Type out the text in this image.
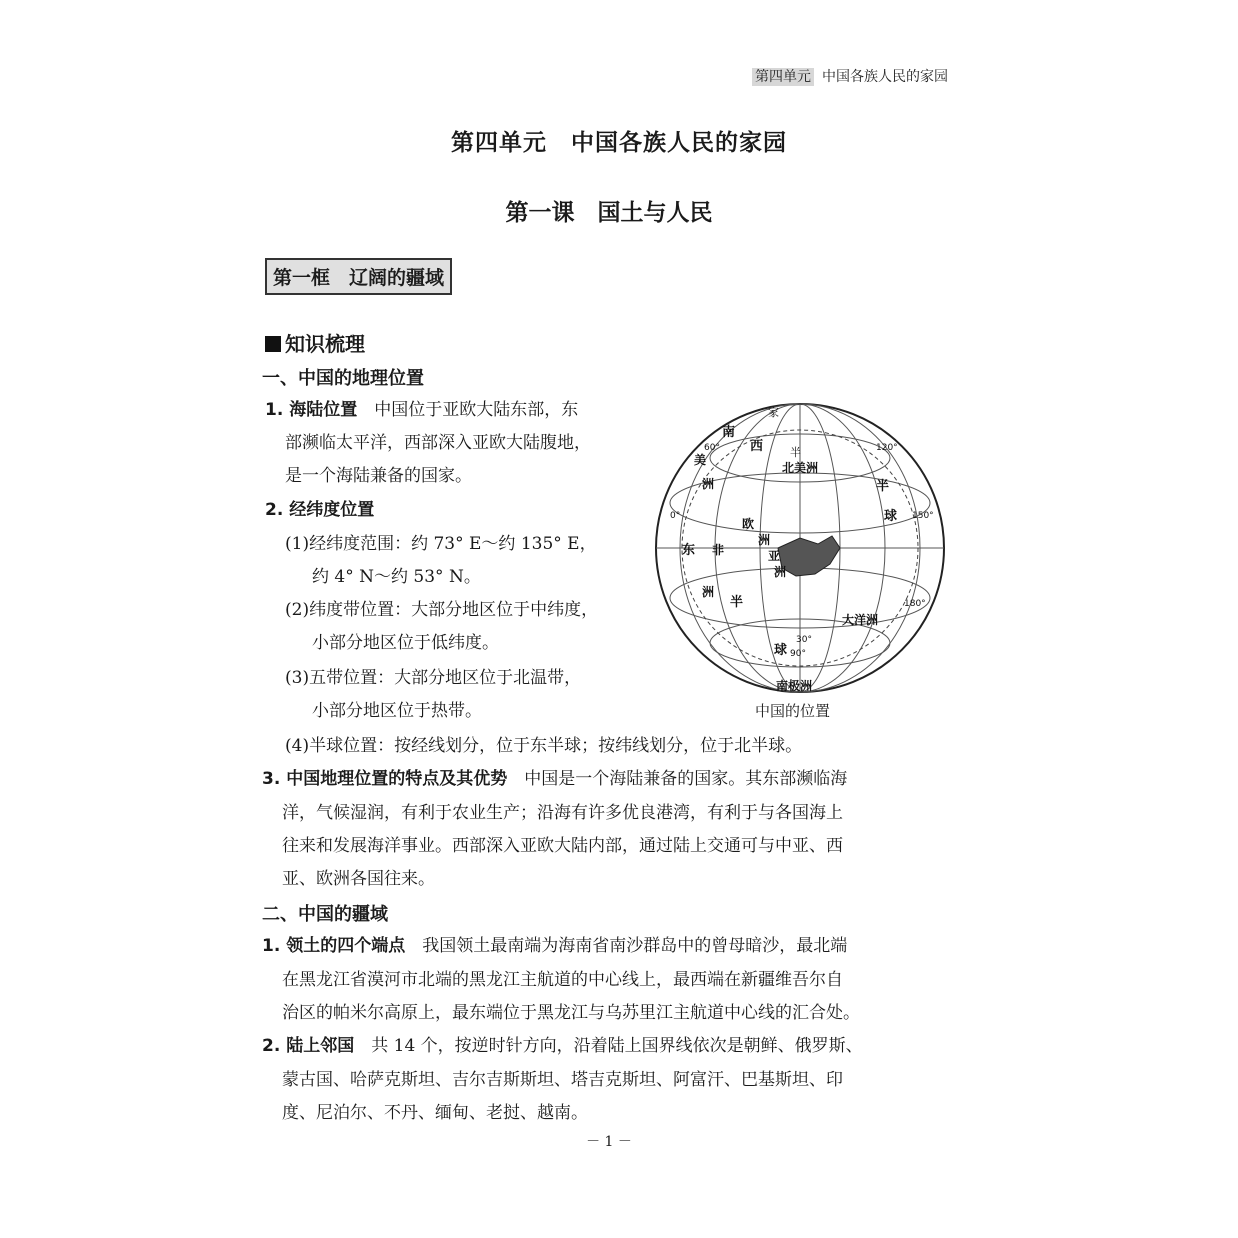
第四单元 中国各族人民的家园
第四单元　中国各族人民的家园
第一课　国土与人民
第一框　辽阔的疆域
知识梳理
一、中国的地理位置
1. 海陆位置　 中国位于亚欧大陆东部，东
部濒临太平洋，西部深入亚欧大陆腹地，
是一个海陆兼备的国家。
2. 经纬度位置
(1)经纬度范围：约 73° E～约 135° E，
约 4° N～约 53° N。
(2)纬度带位置：大部分地区位于中纬度，
小部分地区位于低纬度。
(3)五带位置：大部分地区位于北温带，
小部分地区位于热带。
(4)半球位置：按经线划分，位于东半球；按纬线划分，位于北半球。
3. 中国地理位置的特点及其优势　 中国是一个海陆兼备的国家。其东部濒临海
洋，气候湿润，有利于农业生产；沿海有许多优良港湾，有利于与各国海上
往来和发展海洋事业。西部深入亚欧大陆内部，通过陆上交通可与中亚、西
亚、欧洲各国往来。
二、中国的疆域
1. 领土的四个端点　 我国领土最南端为海南省南沙群岛中的曾母暗沙，最北端
在黑龙江省漠河市北端的黑龙江主航道的中心线上，最西端在新疆维吾尔自
治区的帕米尔高原上，最东端位于黑龙江与乌苏里江主航道中心线的汇合处。
2. 陆上邻国　 共 14 个，按逆时针方向，沿着陆上国界线依次是朝鲜、俄罗斯、
蒙古国、哈萨克斯坦、吉尔吉斯斯坦、塔吉克斯坦、阿富汗、巴基斯坦、印
度、尼泊尔、不丹、缅甸、老挝、越南。
南
西
家
美
洲
北美洲
欧
洲
亚
洲
东 非
洲
半
球
球
大洋洲
南极洲
半
半
60°	120°
150°
180°
30°
90°
0°
中国的位置
－ 1 －
